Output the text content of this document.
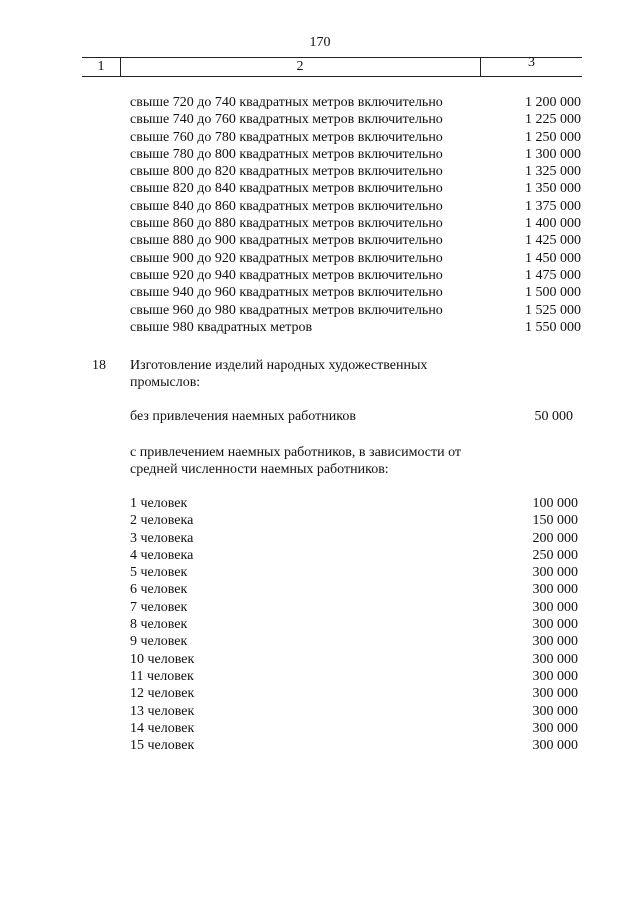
170
1	2	3
свыше 720 до 740 квадратных метров включительно	1 200 000
свыше 740 до 760 квадратных метров включительно	1 225 000
свыше 760 до 780 квадратных метров включительно	1 250 000
свыше 780 до 800 квадратных метров включительно	1 300 000
свыше 800 до 820 квадратных метров включительно	1 325 000
свыше 820 до 840 квадратных метров включительно	1 350 000
свыше 840 до 860 квадратных метров включительно	1 375 000
свыше 860 до 880 квадратных метров включительно	1 400 000
свыше 880 до 900 квадратных метров включительно	1 425 000
свыше 900 до 920 квадратных метров включительно	1 450 000
свыше 920 до 940 квадратных метров включительно	1 475 000
свыше 940 до 960 квадратных метров включительно	1 500 000
свыше 960 до 980 квадратных метров включительно	1 525 000
свыше 980 квадратных метров	1 550 000
18 Изготовление изделий народных художественных промыслов:
без привлечения наемных работников	50 000
с привлечением наемных работников, в зависимости от средней численности наемных работников:
1 человек	100 000
2 человека	150 000
3 человека	200 000
4 человека	250 000
5 человек	300 000
6 человек	300 000
7 человек	300 000
8 человек	300 000
9 человек	300 000
10 человек	300 000
11 человек	300 000
12 человек	300 000
13 человек	300 000
14 человек	300 000
15 человек	300 000
